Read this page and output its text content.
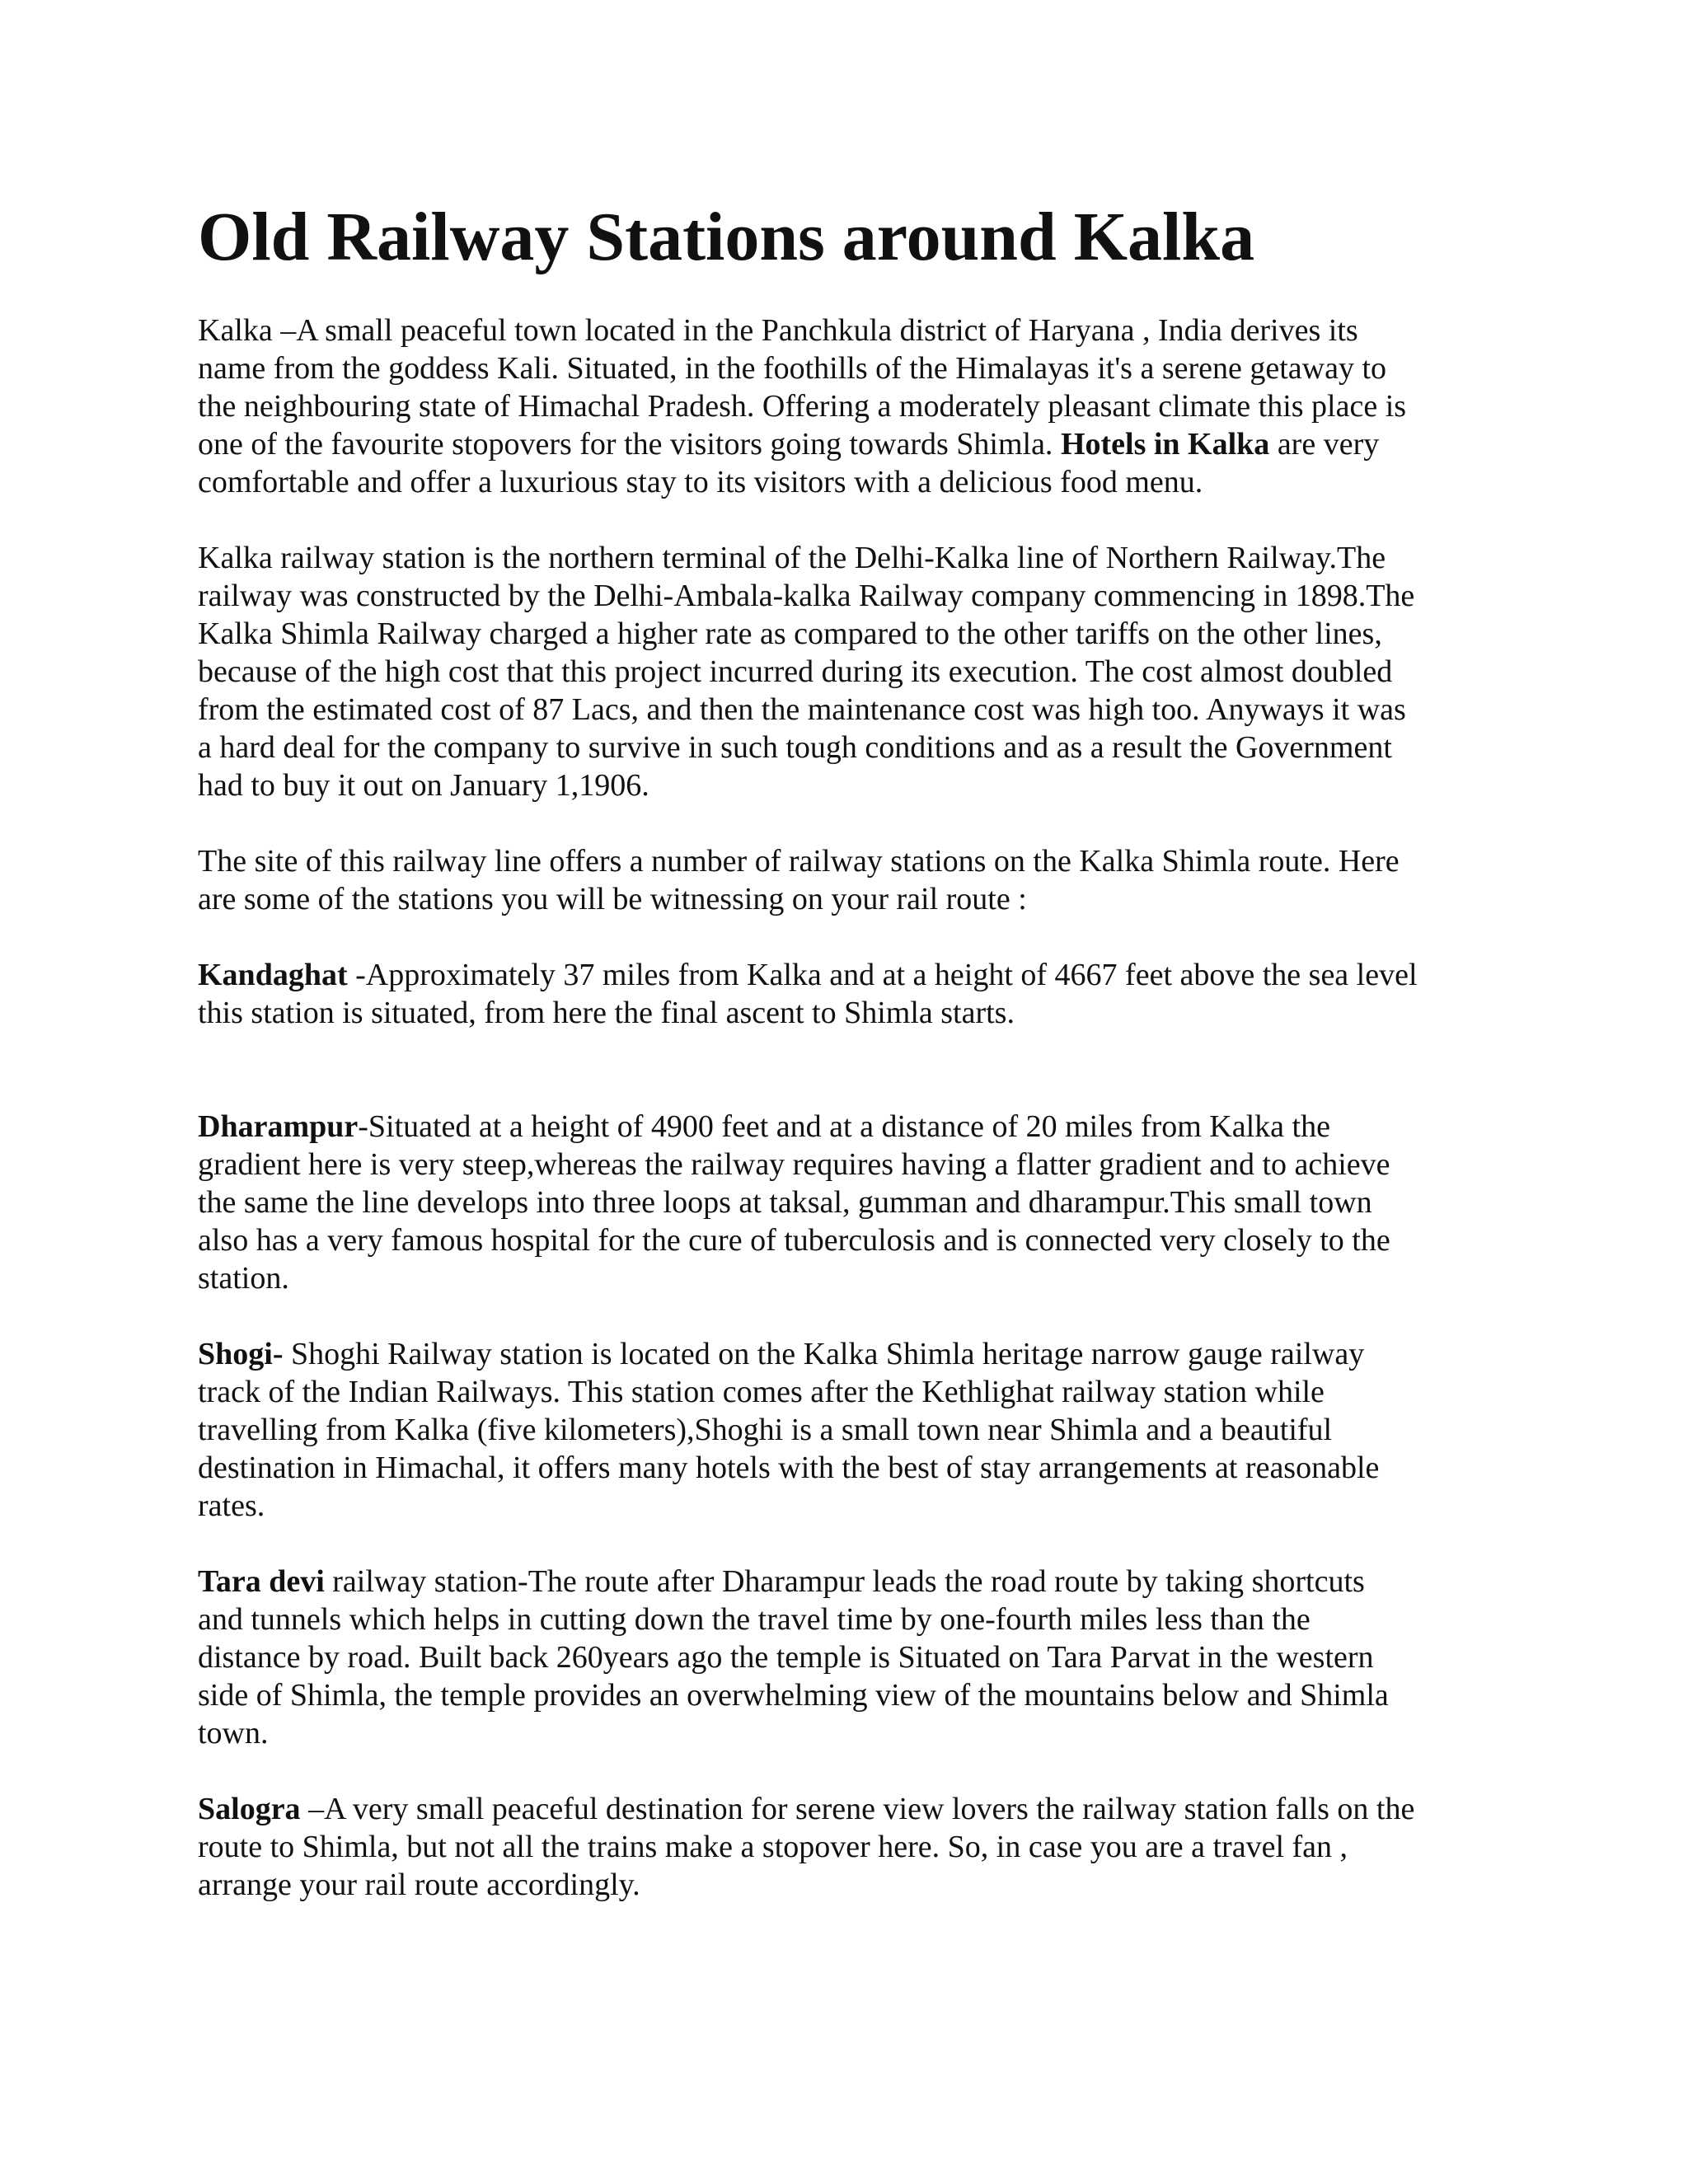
Old Railway Stations around Kalka
Kalka –A small peaceful town located in the Panchkula district of Haryana , India derives its
name from the goddess Kali. Situated, in the foothills of the Himalayas it's a serene getaway to
the neighbouring state of Himachal Pradesh. Offering a moderately pleasant climate this place is
one of the favourite stopovers for the visitors going towards Shimla. Hotels in Kalka are very
comfortable and offer a luxurious stay to its visitors with a delicious food menu.
Kalka railway station is the northern terminal of the Delhi-Kalka line of Northern Railway.The
railway was constructed by the Delhi-Ambala-kalka Railway company commencing in 1898.The
Kalka Shimla Railway charged a higher rate as compared to the other tariffs on the other lines,
because of the high cost that this project incurred during its execution. The cost almost doubled
from the estimated cost of 87 Lacs, and then the maintenance cost was high too. Anyways it was
a hard deal for the company to survive in such tough conditions and as a result the Government
had to buy it out on January 1,1906.
The site of this railway line offers a number of railway stations on the Kalka Shimla route. Here
are some of the stations you will be witnessing on your rail route :
Kandaghat -Approximately 37 miles from Kalka and at a height of 4667 feet above the sea level
this station is situated, from here the final ascent to Shimla starts.
Dharampur-Situated at a height of 4900 feet and at a distance of 20 miles from Kalka the
gradient here is very steep,whereas the railway requires having a flatter gradient and to achieve
the same the line develops into three loops at taksal, gumman and dharampur.This small town
also has a very famous hospital for the cure of tuberculosis and is connected very closely to the
station.
Shogi- Shoghi Railway station is located on the Kalka Shimla heritage narrow gauge railway
track of the Indian Railways. This station comes after the Kethlighat railway station while
travelling from Kalka (five kilometers),Shoghi is a small town near Shimla and a beautiful
destination in Himachal, it offers many hotels with the best of stay arrangements at reasonable
rates.
Tara devi railway station-The route after Dharampur leads the road route by taking shortcuts
and tunnels which helps in cutting down the travel time by one-fourth miles less than the
distance by road. Built back 260years ago the temple is Situated on Tara Parvat in the western
side of Shimla, the temple provides an overwhelming view of the mountains below and Shimla
town.
Salogra –A very small peaceful destination for serene view lovers the railway station falls on the
route to Shimla, but not all the trains make a stopover here. So, in case you are a travel fan ,
arrange your rail route accordingly.
